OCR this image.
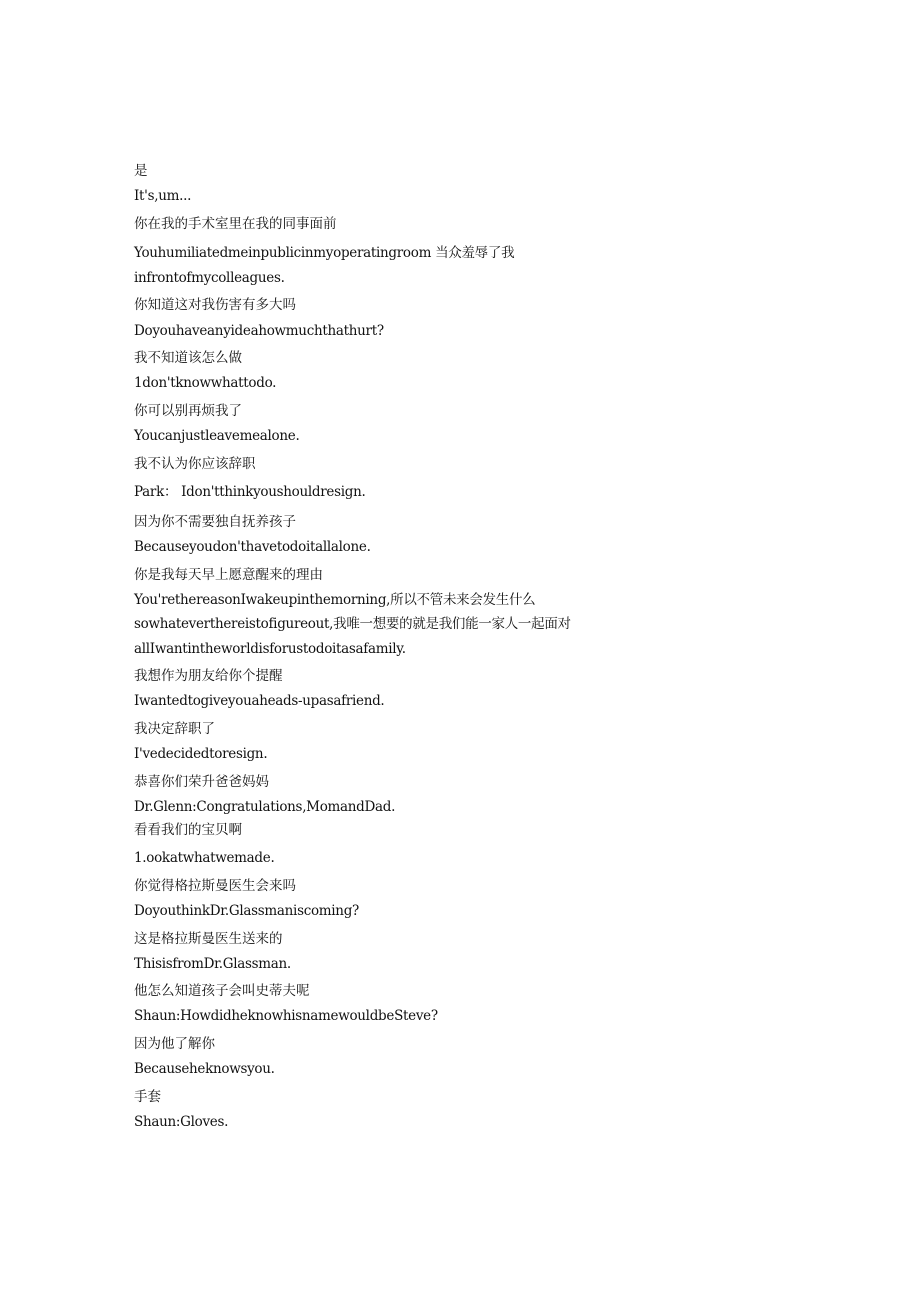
是
It's,um...
你在我的手术室里在我的同事面前
Youhumiliatedmeinpublicinmyoperatingroom 当众羞辱了我
infrontofmycolleagues.
你知道这对我伤害有多大吗
Doyouhaveanyideahowmuchthathurt?
我不知道该怎么做
1don'tknowwhattodo.
你可以别再烦我了
Youcanjustleavemealone.
我不认为你应该辞职
Park： Idon'tthinkyoushouldresign.
因为你不需要独自抚养孩子
Becauseyoudon'thavetodoitallalone.
你是我每天早上愿意醒来的理由
You'rethereasonIwakeupinthemorning,所以不管未来会发生什么
sowhateverthereistofigureout,我唯一想要的就是我们能一家人一起面对
allIwantintheworldisforustodoitasafamily.
我想作为朋友给你个提醒
Iwantedtogiveyouaheads-upasafriend.
我决定辞职了
I'vedecidedtoresign.
恭喜你们荣升爸爸妈妈
Dr.Glenn:Congratulations,MomandDad.
看看我们的宝贝啊
1.ookatwhatwemade.
你觉得格拉斯曼医生会来吗
DoyouthinkDr.Glassmaniscoming?
这是格拉斯曼医生送来的
ThisisfromDr.Glassman.
他怎么知道孩子会叫史蒂夫呢
Shaun:HowdidheknowhisnamewouldbeSteve?
因为他了解你
Becauseheknowsyou.
手套
Shaun:Gloves.
